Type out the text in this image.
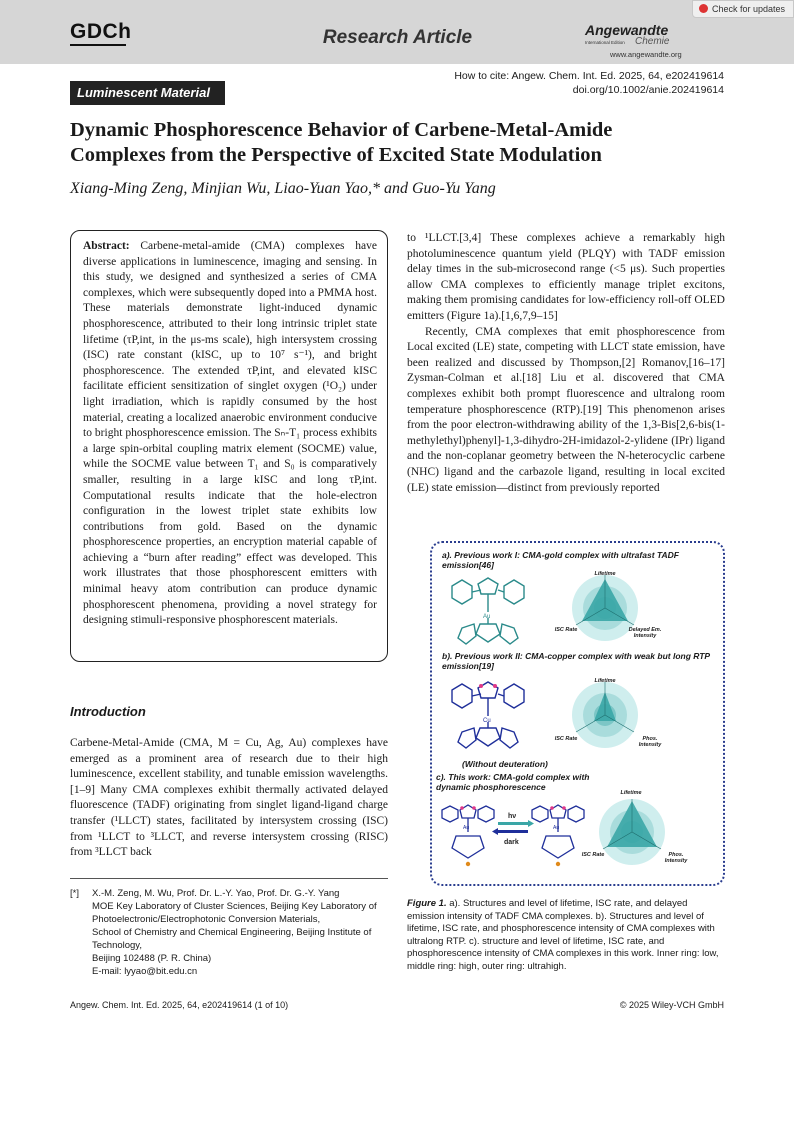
GDCh	Research Article	Angewandte
International Edition Chemie
www.angewandte.org
Check for updates
Luminescent Material
How to cite: Angew. Chem. Int. Ed. 2025, 64, e202419614
doi.org/10.1002/anie.202419614
Dynamic Phosphorescence Behavior of Carbene-Metal-Amide Complexes from the Perspective of Excited State Modulation
Xiang-Ming Zeng, Minjian Wu, Liao-Yuan Yao,* and Guo-Yu Yang
Abstract: Carbene-metal-amide (CMA) complexes have diverse applications in luminescence, imaging and sensing. In this study, we designed and synthesized a series of CMA complexes, which were subsequently doped into a PMMA host. These materials demonstrate light-induced dynamic phosphorescence, attributed to their long intrinsic triplet state lifetime (τP,int, in the μs-ms scale), high intersystem crossing (ISC) rate constant (kISC, up to 10⁷ s⁻¹), and bright phosphorescence. The extended τP,int, and elevated kISC facilitate efficient sensitization of singlet oxygen (¹O₂) under light irradiation, which is rapidly consumed by the host material, creating a localized anaerobic environment conducive to bright phosphorescence emission. The Sₙ-T₁ process exhibits a large spin-orbital coupling matrix element (SOCME) value, while the SOCME value between T₁ and S₀ is comparatively smaller, resulting in a large kISC and long τP,int. Computational results indicate that the hole-electron configuration in the lowest triplet state exhibits low contributions from gold. Based on the dynamic phosphorescence properties, an encryption material capable of achieving a “burn after reading” effect was developed. This work illustrates that those phosphorescent emitters with minimal heavy atom contribution can produce dynamic phosphorescent phenomena, providing a novel strategy for designing stimuli-responsive phosphorescent materials.
Introduction
Carbene-Metal-Amide (CMA, M = Cu, Ag, Au) complexes have emerged as a prominent area of research due to their high luminescence, excellent stability, and tunable emission wavelengths.[1–9] Many CMA complexes exhibit thermally activated delayed fluorescence (TADF) originating from singlet ligand-ligand charge transfer (¹LLCT) states, facilitated by intersystem crossing (ISC) from ¹LLCT to ³LLCT, and reverse intersystem crossing (RISC) from ³LLCT back

to ¹LLCT.[3,4] These complexes achieve a remarkably high photoluminescence quantum yield (PLQY) with TADF emission delay times in the sub-microsecond range (<5 μs). Such properties allow CMA complexes to efficiently manage triplet excitons, making them promising candidates for low-efficiency roll-off OLED emitters (Figure 1a).[1,6,7,9–15]

Recently, CMA complexes that emit phosphorescence from Local excited (LE) state, competing with LLCT state emission, have been realized and discussed by Thompson,[2] Romanov,[16–17] Zysman-Colman et al.[18] Liu et al. discovered that CMA complexes exhibit both prompt fluorescence and ultralong room temperature phosphorescence (RTP).[19] This phenomenon arises from the poor electron-withdrawing ability of the 1,3-Bis[2,6-bis(1-methylethyl)phenyl]-1,3-dihydro-2H-imidazol-2-ylidene (IPr) ligand and the non-coplanar geometry between the N-heterocyclic carbene (NHC) ligand and the carbazole ligand, resulting in local excited (LE) state emission—distinct from previously reported

[*] X.-M. Zeng, M. Wu, Prof. Dr. L.-Y. Yao, Prof. Dr. G.-Y. Yang
MOE Key Laboratory of Cluster Sciences, Beijing Key Laboratory of Photoelectronic/Electrophotonic Conversion Materials,
School of Chemistry and Chemical Engineering, Beijing Institute of Technology,
Beijing 102488 (P. R. China)
E-mail: lyyao@bit.edu.cn
a). Previous work I: CMA-gold complex with ultrafast TADF emission[46]
b). Previous work II: CMA-copper complex with weak but long RTP emission[19]
(Without deuteration)
c). This work: CMA-gold complex with dynamic phosphorescence
Au
Cu
Au	Au
hν
dark
Lifetime
ISC Rate	Delayed Em. Intensity
Lifetime
ISC Rate	Phos. Intensity
Lifetime
ISC Rate	Phos. Intensity
Figure 1. a). Structures and level of lifetime, ISC rate, and delayed emission intensity of TADF CMA complexes. b). Structures and level of lifetime, ISC rate, and phosphorescence intensity of CMA complexes with ultralong RTP. c). structure and level of lifetime, ISC rate, and phosphorescence intensity of CMA complexes in this work. Inner ring: low, middle ring: high, outer ring: ultrahigh.
Angew. Chem. Int. Ed. 2025, 64, e202419614 (1 of 10)	© 2025 Wiley-VCH GmbH
